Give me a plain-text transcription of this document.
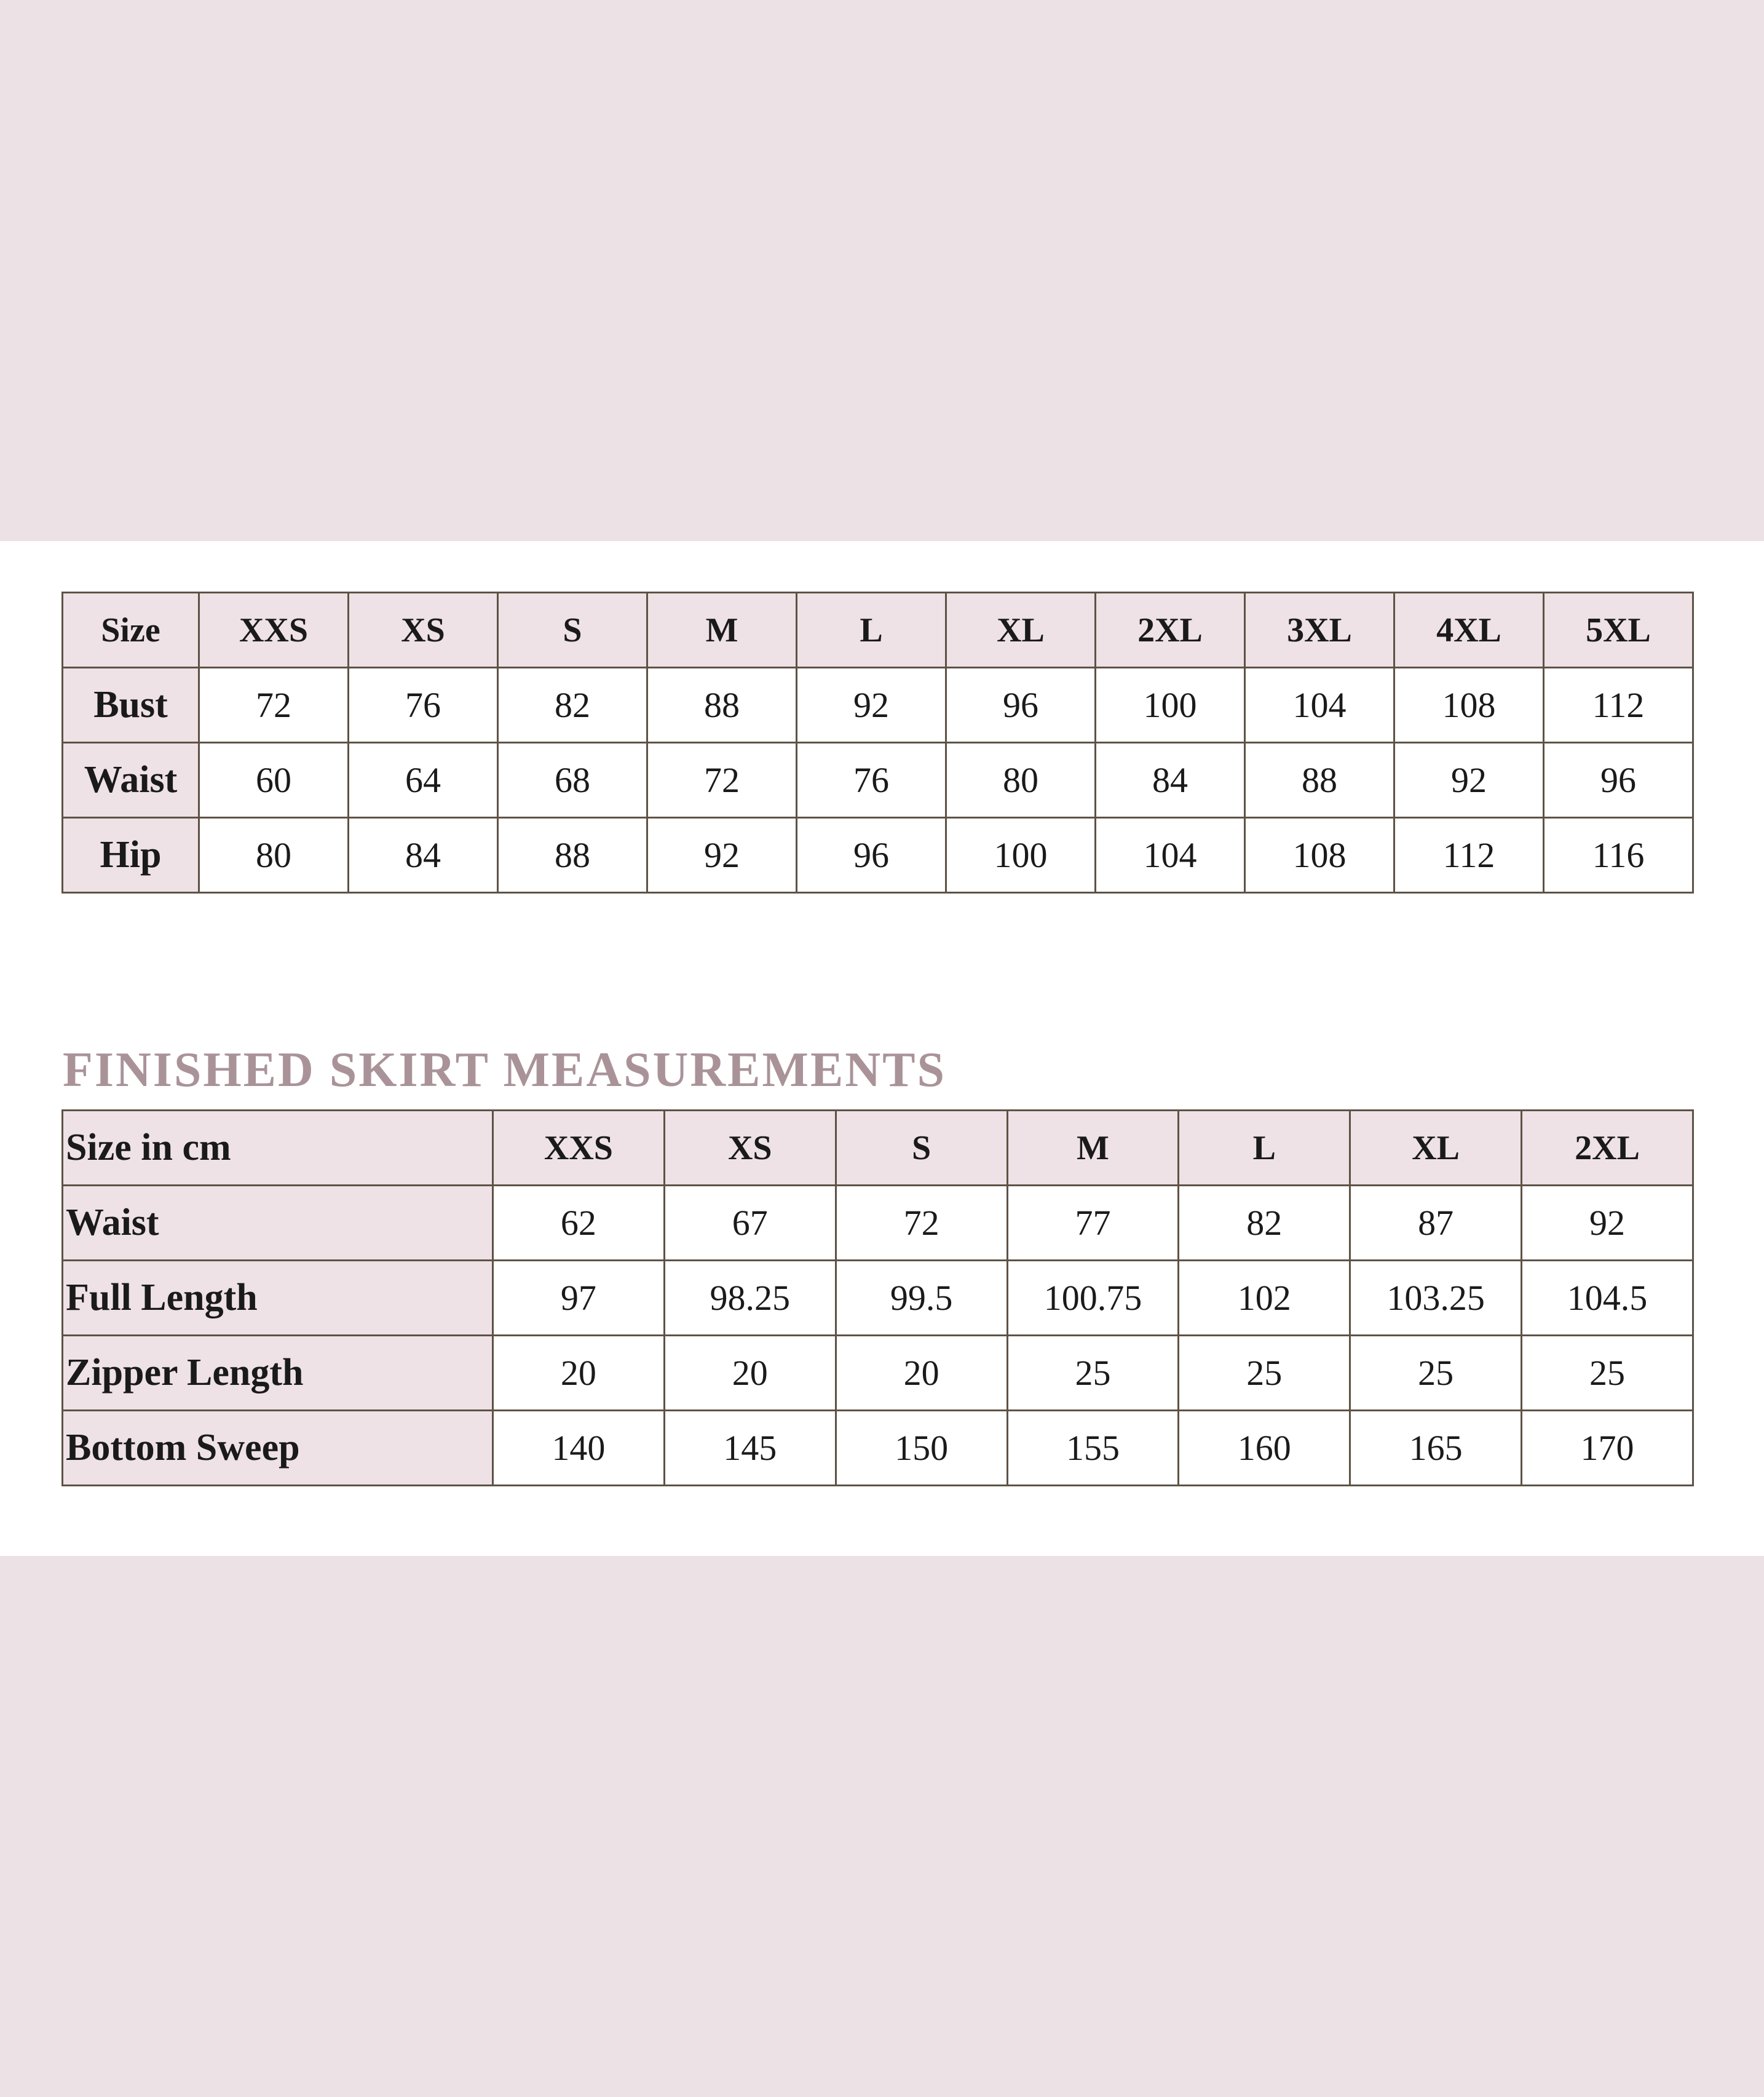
Size	XXS	XS	S	M	L	XL	2XL	3XL	4XL	5XL
Bust	72	76	82	88	92	96	100	104	108	112
Waist	60	64	68	72	76	80	84	88	92	96
Hip	80	84	88	92	96	100	104	108	112	116
FINISHED SKIRT MEASUREMENTS
Size in cm	XXS	XS	S	M	L	XL	2XL
Waist	62	67	72	77	82	87	92
Full Length	97	98.25	99.5	100.75	102	103.25	104.5
Zipper Length	20	20	20	25	25	25	25
Bottom Sweep	140	145	150	155	160	165	170
